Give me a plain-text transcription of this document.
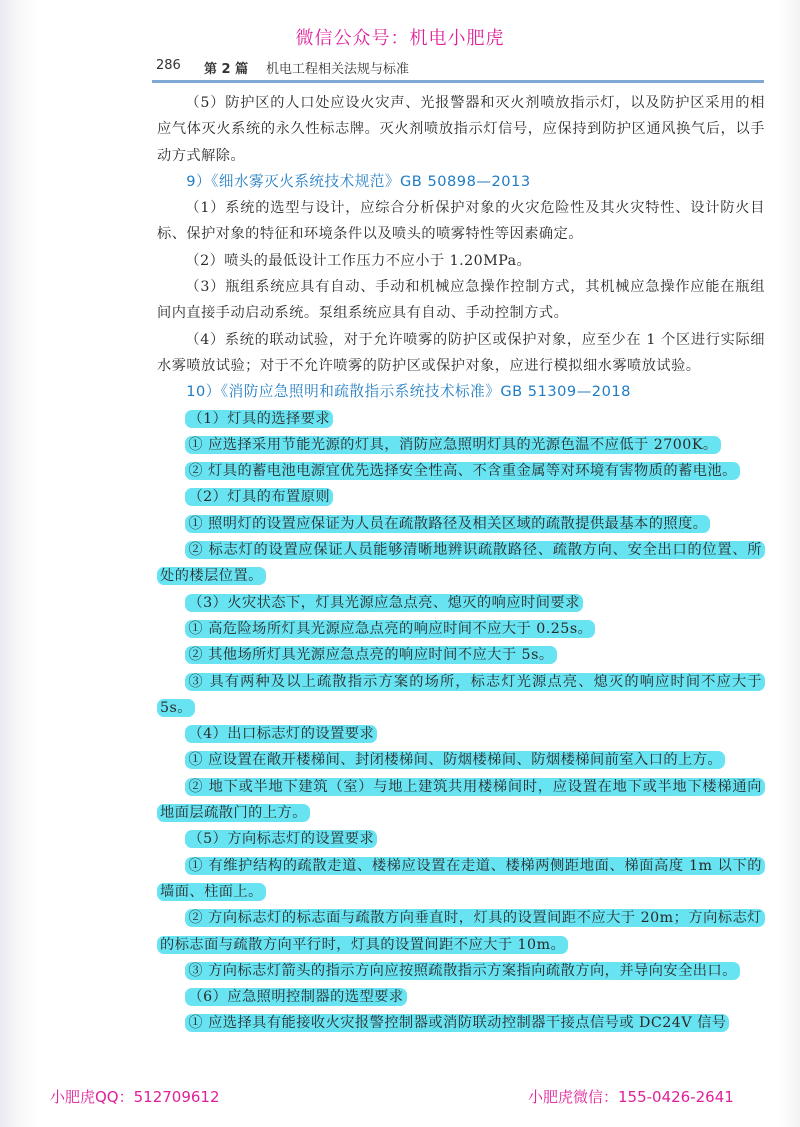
微信公众号：机电小肥虎
286 第 2 篇 机电工程相关法规与标准

（5）防护区的人口处应设火灾声、光报警器和灭火剂喷放指示灯，以及防护区采用的相应气体灭火系统的永久性标志牌。灭火剂喷放指示灯信号，应保持到防护区通风换气后，以手动方式解除。

9）《细水雾灭火系统技术规范》GB 50898—2013

（1）系统的选型与设计，应综合分析保护对象的火灾危险性及其火灾特性、设计防火目标、保护对象的特征和环境条件以及喷头的喷雾特性等因素确定。

（2）喷头的最低设计工作压力不应小于 1.20MPa。

（3）瓶组系统应具有自动、手动和机械应急操作控制方式，其机械应急操作应能在瓶组间内直接手动启动系统。泵组系统应具有自动、手动控制方式。

（4）系统的联动试验，对于允许喷雾的防护区或保护对象，应至少在 1 个区进行实际细水雾喷放试验；对于不允许喷雾的防护区或保护对象，应进行模拟细水雾喷放试验。

10）《消防应急照明和疏散指示系统技术标准》GB 51309—2018

（1）灯具的选择要求

① 应选择采用节能光源的灯具，消防应急照明灯具的光源色温不应低于 2700K。

② 灯具的蓄电池电源宜优先选择安全性高、不含重金属等对环境有害物质的蓄电池。

（2）灯具的布置原则

① 照明灯的设置应保证为人员在疏散路径及相关区域的疏散提供最基本的照度。

② 标志灯的设置应保证人员能够清晰地辨识疏散路径、疏散方向、安全出口的位置、所处的楼层位置。

（3）火灾状态下，灯具光源应急点亮、熄灭的响应时间要求

① 高危险场所灯具光源应急点亮的响应时间不应大于 0.25s。

② 其他场所灯具光源应急点亮的响应时间不应大于 5s。

③ 具有两种及以上疏散指示方案的场所，标志灯光源点亮、熄灭的响应时间不应大于 5s。

（4）出口标志灯的设置要求

① 应设置在敞开楼梯间、封闭楼梯间、防烟楼梯间、防烟楼梯间前室入口的上方。

② 地下或半地下建筑（室）与地上建筑共用楼梯间时，应设置在地下或半地下楼梯通向地面层疏散门的上方。

（5）方向标志灯的设置要求

① 有维护结构的疏散走道、楼梯应设置在走道、楼梯两侧距地面、梯面高度 1m 以下的墙面、柱面上。

② 方向标志灯的标志面与疏散方向垂直时，灯具的设置间距不应大于 20m；方向标志灯的标志面与疏散方向平行时，灯具的设置间距不应大于 10m。

③ 方向标志灯箭头的指示方向应按照疏散指示方案指向疏散方向，并导向安全出口。

（6）应急照明控制器的选型要求

① 应选择具有能接收火灾报警控制器或消防联动控制器干接点信号或 DC24V 信号

小肥虎QQ：512709612	小肥虎微信：155-0426-2641
